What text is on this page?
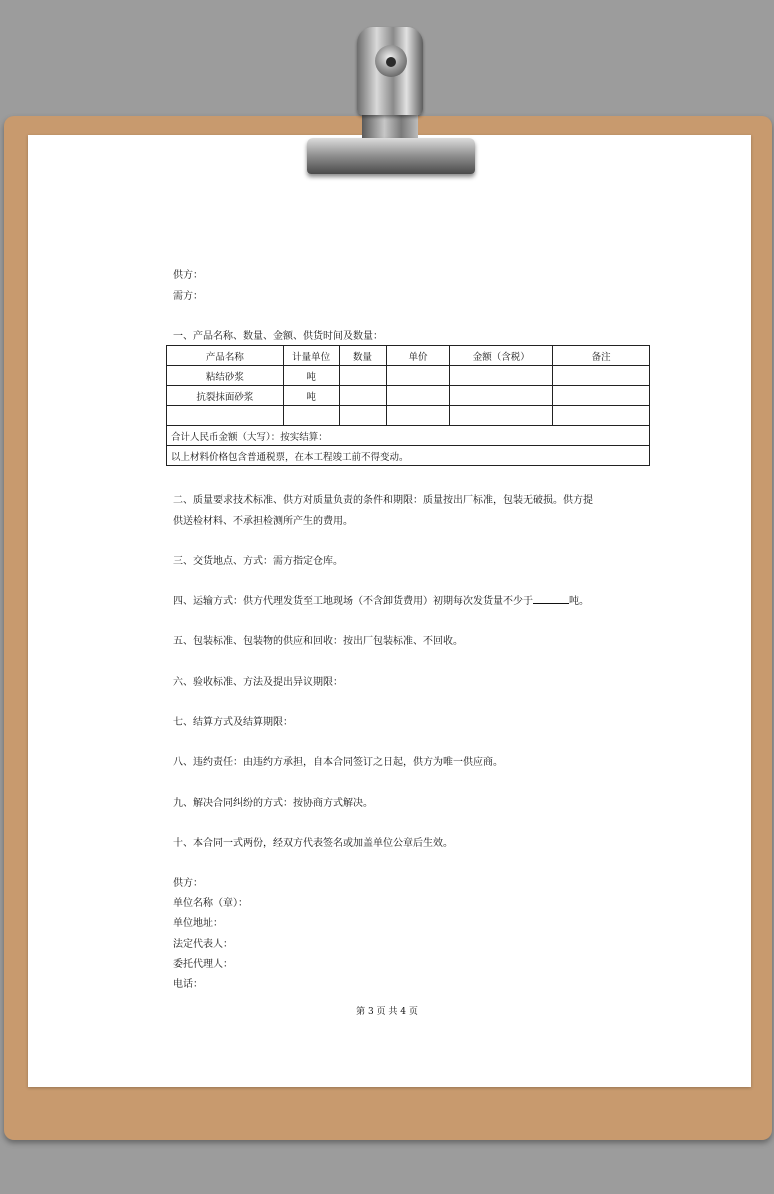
供方：
需方：
一、产品名称、数量、金额、供货时间及数量：
产品名称	计量单位	数量	单价	金额（含税）	备注
粘结砂浆	吨				
抗裂抹面砂浆	吨				

合计人民币金额（大写）：按实结算：					
以上材料价格包含普通税票，在本工程竣工前不得变动。					
二、质量要求技术标准、供方对质量负责的条件和期限：质量按出厂标准，包装无破损。供方提
供送检材料、不承担检测所产生的费用。
三、交货地点、方式：需方指定仓库。
四、运输方式：供方代理发货至工地现场（不含卸货费用）初期每次发货量不少于	吨。
五、包装标准、包装物的供应和回收：按出厂包装标准、不回收。
六、验收标准、方法及提出异议期限：
七、结算方式及结算期限：
八、违约责任：由违约方承担，自本合同签订之日起，供方为唯一供应商。
九、解决合同纠纷的方式：按协商方式解决。
十、本合同一式两份，经双方代表签名或加盖单位公章后生效。
供方：
单位名称（章）：
单位地址：
法定代表人：
委托代理人：
电话：
第 3 页 共 4 页
